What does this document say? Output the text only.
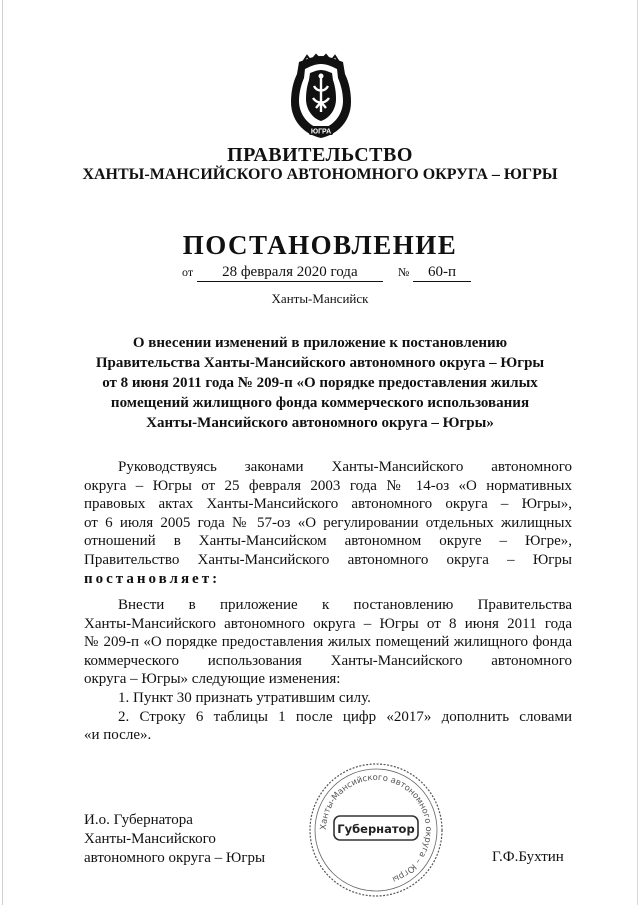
ЮГРА
ПРАВИТЕЛЬСТВО
ХАНТЫ-МАНСИЙСКОГО АВТОНОМНОГО ОКРУГА – ЮГРЫ
ПОСТАНОВЛЕНИЕ
от 28 февраля 2020 года	№ 60-п
Ханты-Мансийск
О внесении изменений в приложение к постановлению
Правительства Ханты-Мансийского автономного округа – Югры
от 8 июня 2011 года № 209-п «О порядке предоставления жилых
помещений жилищного фонда коммерческого использования
Ханты-Мансийского автономного округа – Югры»
Руководствуясь законами Ханты-Мансийского автономного
округа – Югры от 25 февраля 2003 года № 14-оз «О нормативных
правовых актах Ханты-Мансийского автономного округа – Югры»,
от 6 июля 2005 года № 57-оз «О регулировании отдельных жилищных
отношений в Ханты-Мансийском автономном округе – Югре»,
Правительство Ханты-Мансийского автономного округа – Югры
постановляет:
Внести в приложение к постановлению Правительства
Ханты-Мансийского автономного округа – Югры от 8 июня 2011 года
№ 209-п «О порядке предоставления жилых помещений жилищного фонда
коммерческого использования Ханты-Мансийского автономного
округа – Югры» следующие изменения:
1. Пункт 30 признать утратившим силу.
2. Строку 6 таблицы 1 после цифр «2017» дополнить словами
«и после».
И.о. Губернатора
Ханты-Мансийского
автономного округа – Югры	Г.Ф.Бухтин
Ханты-Мансийского автономного округа – Югры
Губернатор
